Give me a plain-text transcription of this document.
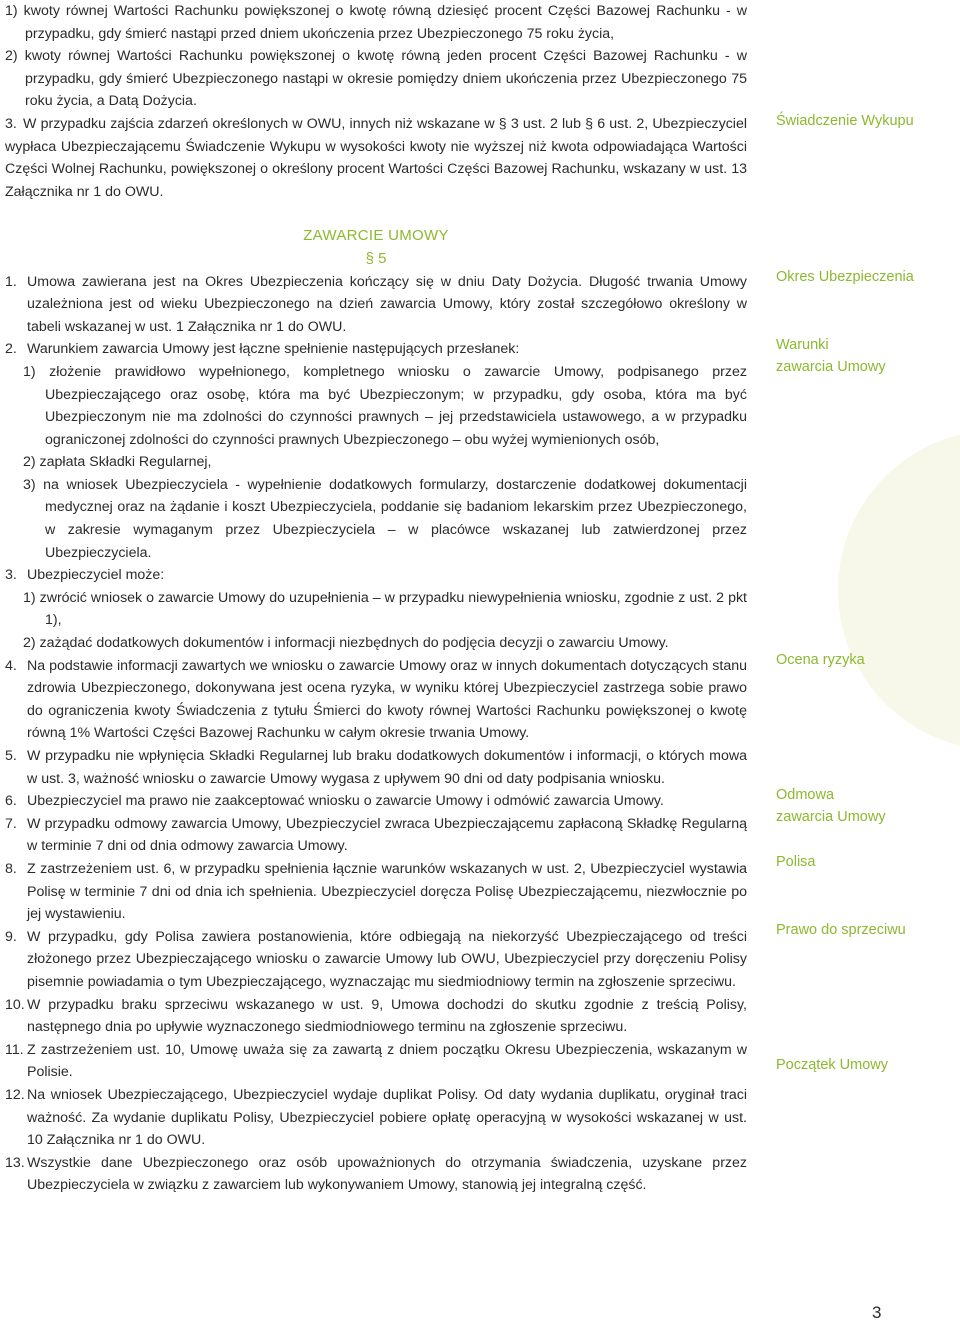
1) kwoty równej Wartości Rachunku powiększonej o kwotę równą dziesięć procent Części Bazowej Rachunku - w przypadku, gdy śmierć nastąpi przed dniem ukończenia przez Ubezpieczonego 75 roku życia,

2) kwoty równej Wartości Rachunku powiększonej o kwotę równą jeden procent Części Bazowej Rachunku - w przypadku, gdy śmierć Ubezpieczonego nastąpi w okresie pomiędzy dniem ukończenia przez Ubezpieczonego 75 roku życia, a Datą Dożycia.

3. W przypadku zajścia zdarzeń określonych w OWU, innych niż wskazane w § 3 ust. 2 lub § 6 ust. 2, Ubezpieczyciel wypłaca Ubezpieczającemu Świadczenie Wykupu w wysokości kwoty nie wyższej niż kwota odpowiadająca Wartości Części Wolnej Rachunku, powiększonej o określony procent Wartości Części Bazowej Rachunku, wskazany w ust. 13 Załącznika nr 1 do OWU.

ZAWARCIE UMOWY

§ 5

1. Umowa zawierana jest na Okres Ubezpieczenia kończący się w dniu Daty Dożycia. Długość trwania Umowy uzależniona jest od wieku Ubezpieczonego na dzień zawarcia Umowy, który został szczegółowo określony w tabeli wskazanej w ust. 1 Załącznika nr 1 do OWU.
2. Warunkiem zawarcia Umowy jest łączne spełnienie następujących przesłanek:
1) złożenie prawidłowo wypełnionego, kompletnego wniosku o zawarcie Umowy, podpisanego przez Ubezpieczającego oraz osobę, która ma być Ubezpieczonym; w przypadku, gdy osoba, która ma być Ubezpieczonym nie ma zdolności do czynności prawnych – jej przedstawiciela ustawowego, a w przypadku ograniczonej zdolności do czynności prawnych Ubezpieczonego – obu wyżej wymienionych osób,
2) zapłata Składki Regularnej,
3) na wniosek Ubezpieczyciela - wypełnienie dodatkowych formularzy, dostarczenie dodatkowej dokumentacji medycznej oraz na żądanie i koszt Ubezpieczyciela, poddanie się badaniom lekarskim przez Ubezpieczonego, w zakresie wymaganym przez Ubezpieczyciela – w placówce wskazanej lub zatwierdzonej przez Ubezpieczyciela.
3. Ubezpieczyciel może:
1) zwrócić wniosek o zawarcie Umowy do uzupełnienia – w przypadku niewypełnienia wniosku, zgodnie z ust. 2 pkt 1),
2) zażądać dodatkowych dokumentów i informacji niezbędnych do podjęcia decyzji o zawarciu Umowy.
4. Na podstawie informacji zawartych we wniosku o zawarcie Umowy oraz w innych dokumentach dotyczących stanu zdrowia Ubezpieczonego, dokonywana jest ocena ryzyka, w wyniku której Ubezpieczyciel zastrzega sobie prawo do ograniczenia kwoty Świadczenia z tytułu Śmierci do kwoty równej Wartości Rachunku powiększonej o kwotę równą 1% Wartości Części Bazowej Rachunku w całym okresie trwania Umowy.
5. W przypadku nie wpłynięcia Składki Regularnej lub braku dodatkowych dokumentów i informacji, o których mowa w ust. 3, ważność wniosku o zawarcie Umowy wygasa z upływem 90 dni od daty podpisania wniosku.
6. Ubezpieczyciel ma prawo nie zaakceptować wniosku o zawarcie Umowy i odmówić zawarcia Umowy.
7. W przypadku odmowy zawarcia Umowy, Ubezpieczyciel zwraca Ubezpieczającemu zapłaconą Składkę Regularną w terminie 7 dni od dnia odmowy zawarcia Umowy.
8. Z zastrzeżeniem ust. 6, w przypadku spełnienia łącznie warunków wskazanych w ust. 2, Ubezpieczyciel wystawia Polisę w terminie 7 dni od dnia ich spełnienia. Ubezpieczyciel doręcza Polisę Ubezpieczającemu, niezwłocznie po jej wystawieniu.
9. W przypadku, gdy Polisa zawiera postanowienia, które odbiegają na niekorzyść Ubezpieczającego od treści złożonego przez Ubezpieczającego wniosku o zawarcie Umowy lub OWU, Ubezpieczyciel przy doręczeniu Polisy pisemnie powiadamia o tym Ubezpieczającego, wyznaczając mu siedmiodniowy termin na zgłoszenie sprzeciwu.
10. W przypadku braku sprzeciwu wskazanego w ust. 9, Umowa dochodzi do skutku zgodnie z treścią Polisy, następnego dnia po upływie wyznaczonego siedmiodniowego terminu na zgłoszenie sprzeciwu.
11. Z zastrzeżeniem ust. 10, Umowę uważa się za zawartą z dniem początku Okresu Ubezpieczenia, wskazanym w Polisie.
12. Na wniosek Ubezpieczającego, Ubezpieczyciel wydaje duplikat Polisy. Od daty wydania duplikatu, oryginał traci ważność. Za wydanie duplikatu Polisy, Ubezpieczyciel pobiere opłatę operacyjną w wysokości wskazanej w ust. 10 Załącznika nr 1 do OWU.
13. Wszystkie dane Ubezpieczonego oraz osób upoważnionych do otrzymania świadczenia, uzyskane przez Ubezpieczyciela w związku z zawarciem lub wykonywaniem Umowy, stanowią jej integralną część.
Świadczenie Wykupu
Okres Ubezpieczenia
Warunki
zawarcia Umowy
Ocena ryzyka
Odmowa
zawarcia Umowy
Polisa
Prawo do sprzeciwu
Początek Umowy
3
